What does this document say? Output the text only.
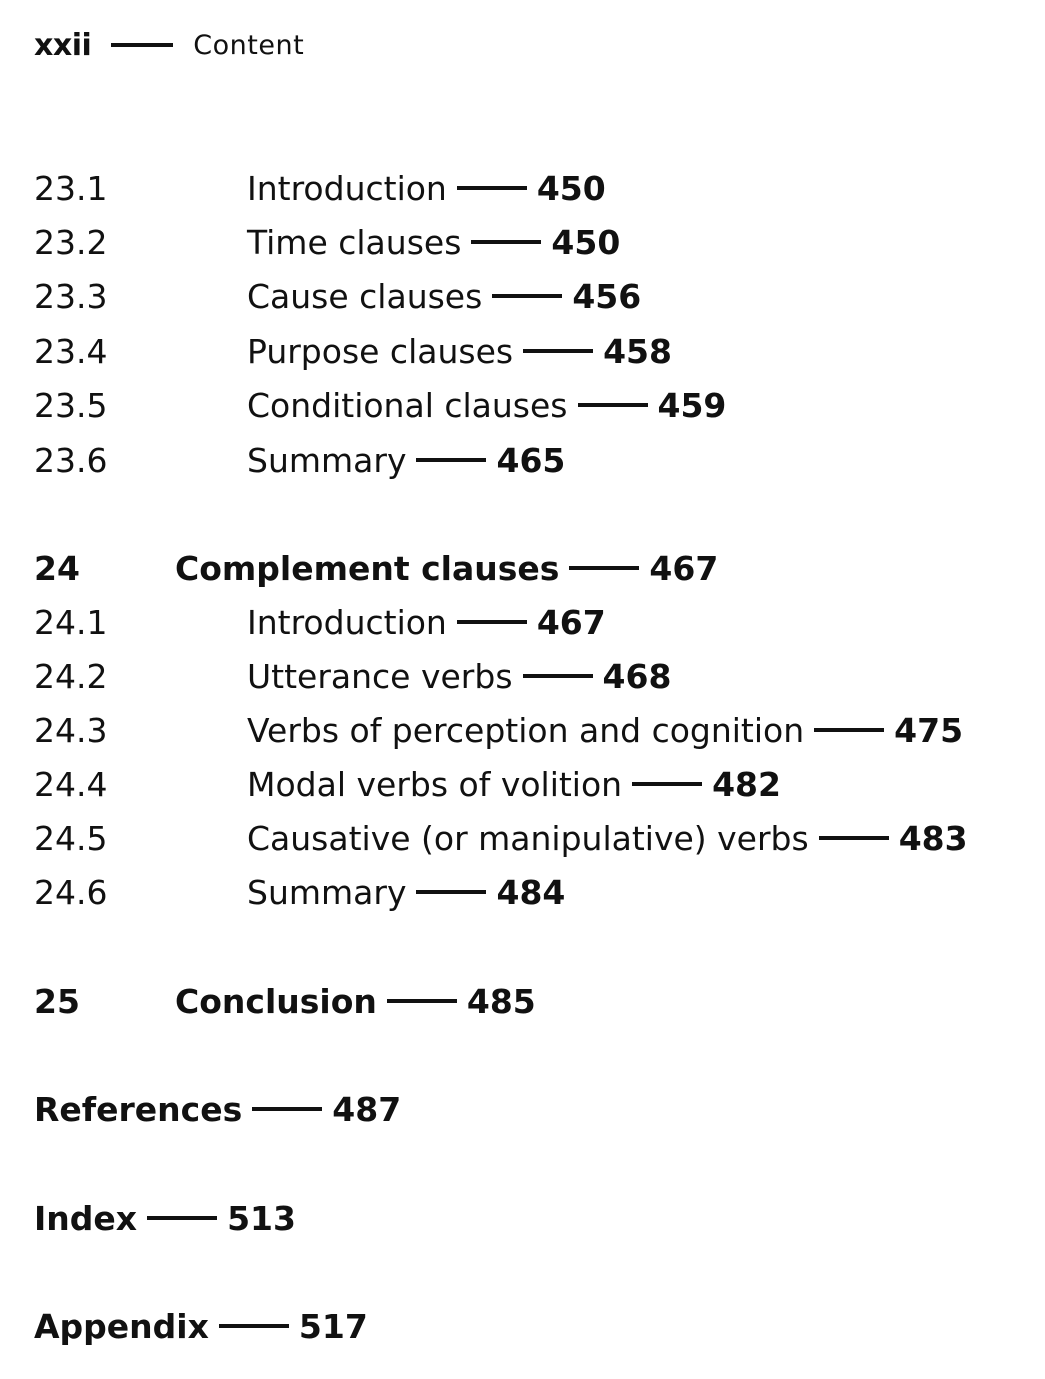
xxii	Content
23.1	Introduction	450
23.2	Time clauses	450
23.3	Cause clauses	456
23.4	Purpose clauses	458
23.5	Conditional clauses	459
23.6	Summary	465
24	Complement clauses	467
24.1	Introduction	467
24.2	Utterance verbs	468
24.3	Verbs of perception and cognition	475
24.4	Modal verbs of volition	482
24.5	Causative (or manipulative) verbs	483
24.6	Summary	484
25	Conclusion	485
References	487
Index	513
Appendix	517
